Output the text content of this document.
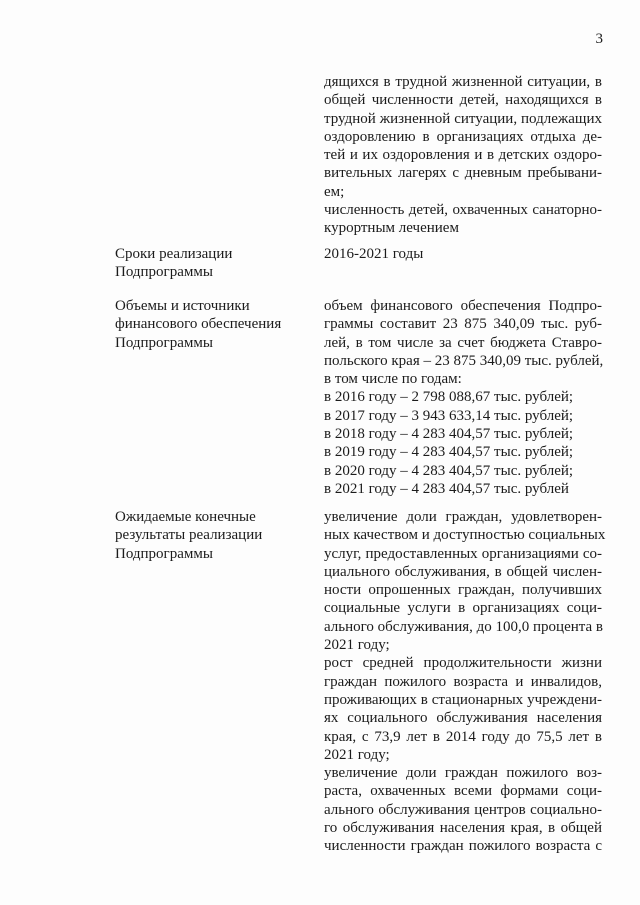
3
дящихся в трудной жизненной ситуации, в
общей численности детей, находящихся в
трудной жизненной ситуации, подлежащих
оздоровлению в организациях отдыха де-
тей и их оздоровления и в детских оздоро-
вительных лагерях с дневным пребывани-
ем;
численность детей, охваченных санаторно-
курортным лечением
Сроки реализации
Подпрограммы
2016-2021 годы
Объемы и источники
финансового обеспечения
Подпрограммы
объем финансового обеспечения Подпро-
граммы составит 23 875 340,09 тыс. руб-
лей, в том числе за счет бюджета Ставро-
польского края – 23 875 340,09 тыс. рублей,
в том числе по годам:
в 2016 году – 2 798 088,67 тыс. рублей;
в 2017 году – 3 943 633,14 тыс. рублей;
в 2018 году – 4 283 404,57 тыс. рублей;
в 2019 году – 4 283 404,57 тыс. рублей;
в 2020 году – 4 283 404,57 тыс. рублей;
в 2021 году – 4 283 404,57 тыс. рублей
Ожидаемые конечные
результаты реализации
Подпрограммы
увеличение доли граждан, удовлетворен-
ных качеством и доступностью социальных
услуг, предоставленных организациями со-
циального обслуживания, в общей числен-
ности опрошенных граждан, получивших
социальные услуги в организациях соци-
ального обслуживания, до 100,0 процента в
2021 году;
рост средней продолжительности жизни
граждан пожилого возраста и инвалидов,
проживающих в стационарных учреждени-
ях социального обслуживания населения
края, с 73,9 лет в 2014 году до 75,5 лет в
2021 году;
увеличение доли граждан пожилого воз-
раста, охваченных всеми формами соци-
ального обслуживания центров социально-
го обслуживания населения края, в общей
численности граждан пожилого возраста с
